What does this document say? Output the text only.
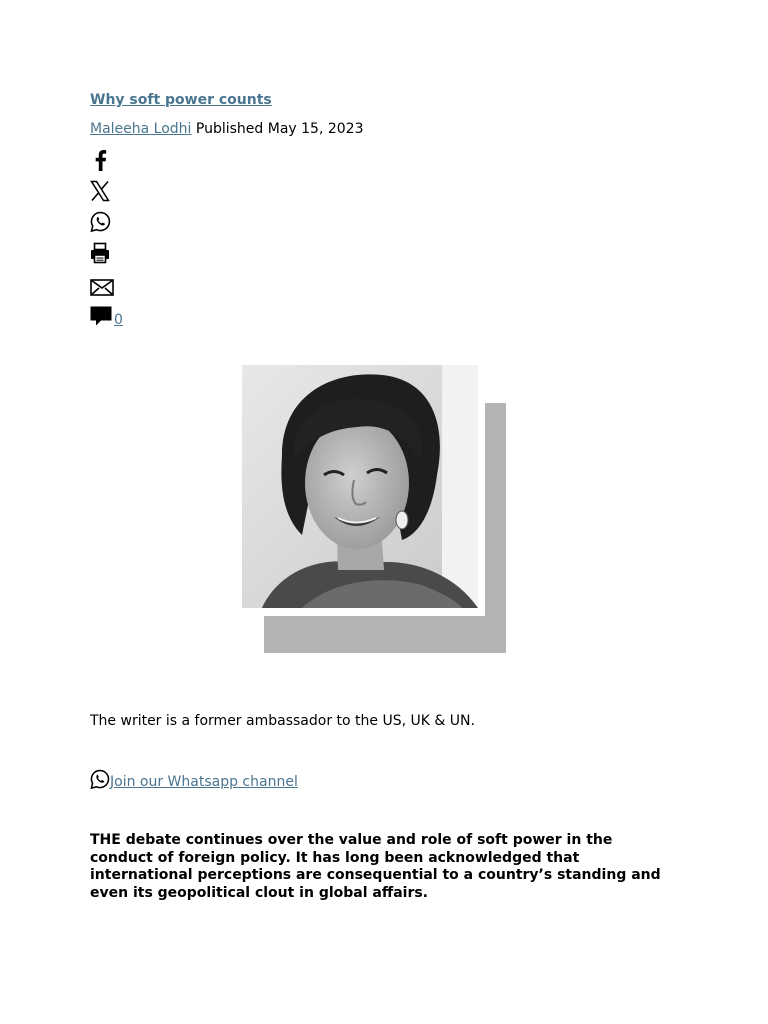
Why soft power counts
Maleeha Lodhi Published May 15, 2023
0
The writer is a former ambassador to the US, UK & UN.
Join our Whatsapp channel

THE debate continues over the value and role of soft power in the conduct of foreign policy. It has long been acknowledged that international perceptions are consequential to a country’s standing and even its geopolitical clout in global affairs.
